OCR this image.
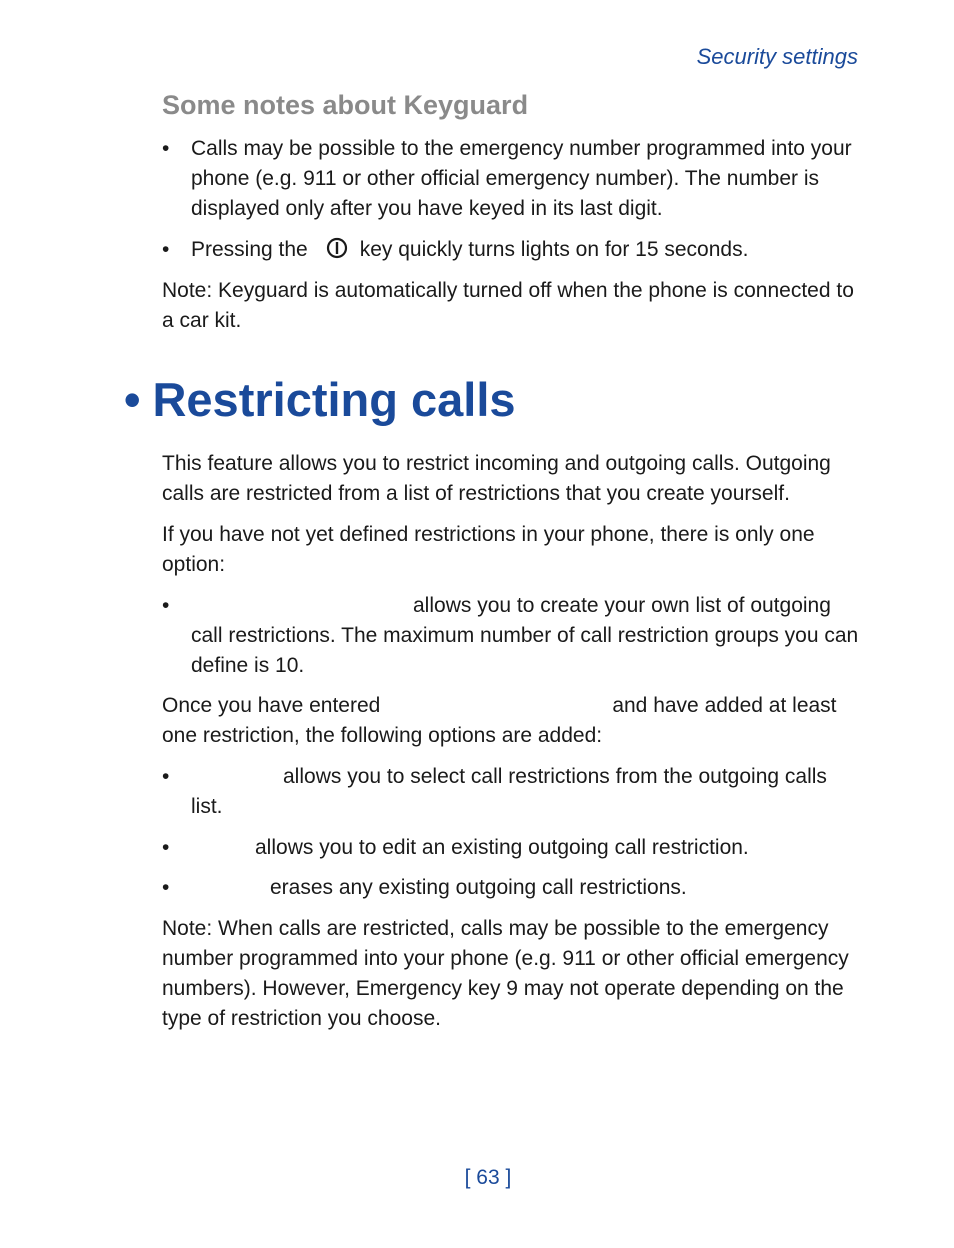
Security settings
Some notes about Keyguard
• Calls may be possible to the emergency number programmed into your phone (e.g. 911 or other official emergency number). The number is displayed only after you have keyed in its last digit.
• Pressing the key quickly turns lights on for 15 seconds.
Note: Keyguard is automatically turned off when the phone is connected to a car kit.
• Restricting calls
This feature allows you to restrict incoming and outgoing calls. Outgoing calls are restricted from a list of restrictions that you create yourself.
If you have not yet defined restrictions in your phone, there is only one option:
•	allows you to create your own list of outgoing call restrictions. The maximum number of call restriction groups you can define is 10.
Once you have entered	and have added at least one restriction, the following options are added:
•	allows you to select call restrictions from the outgoing calls list.
•	allows you to edit an existing outgoing call restriction.
•	erases any existing outgoing call restrictions.
Note: When calls are restricted, calls may be possible to the emergency number programmed into your phone (e.g. 911 or other official emergency numbers). However, Emergency key 9 may not operate depending on the type of restriction you choose.
[ 63 ]
